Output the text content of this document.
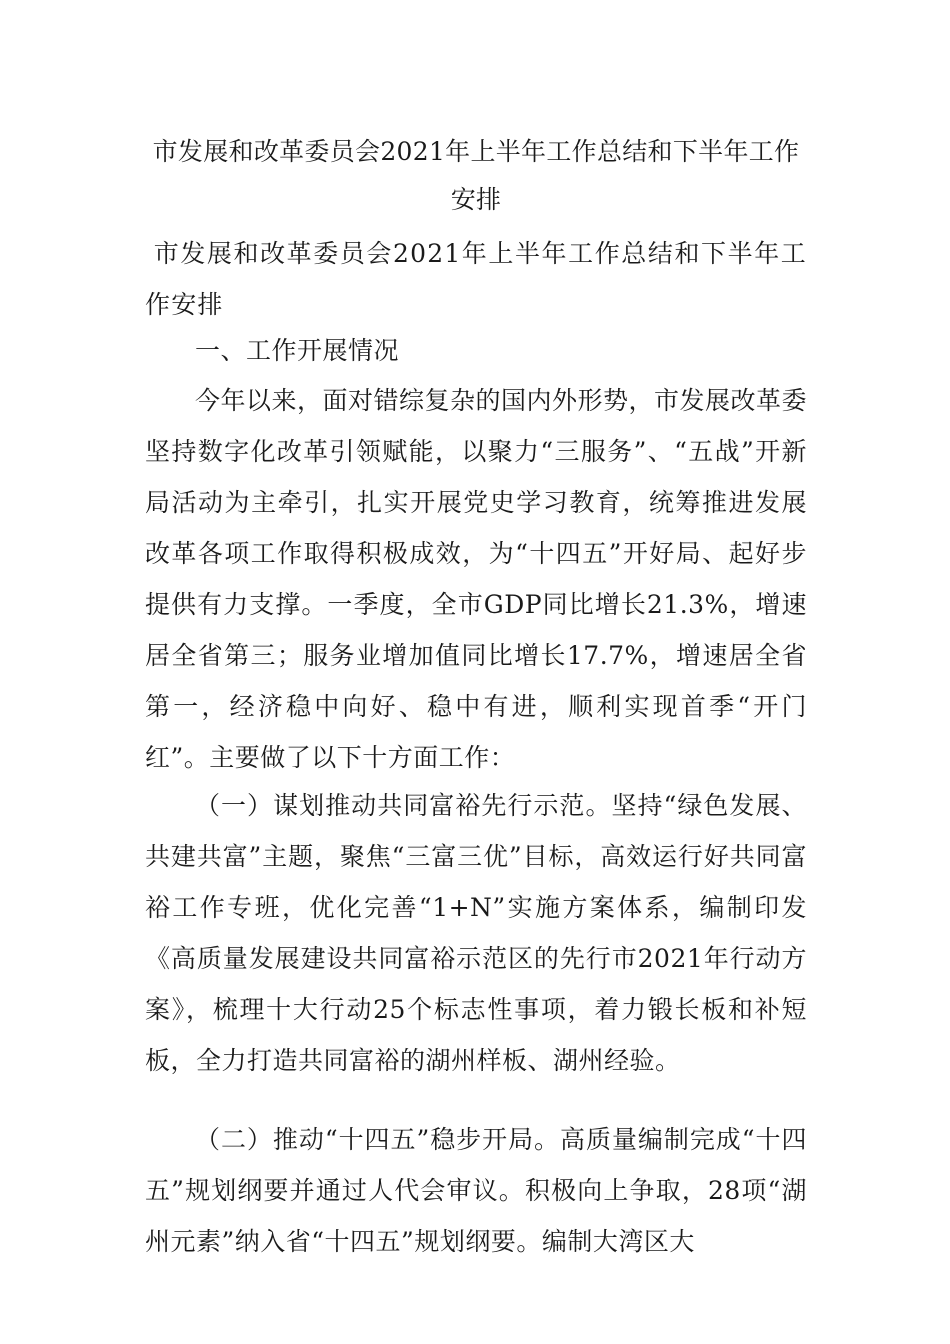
市发展和改革委员会2021年上半年工作总结和下半年工作安排

市发展和改革委员会2021年上半年工作总结和下半年工作安排

一、工作开展情况

今年以来，面对错综复杂的国内外形势，市发展改革委坚持数字化改革引领赋能，以聚力“三服务”、“五战”开新局活动为主牵引，扎实开展党史学习教育，统筹推进发展改革各项工作取得积极成效，为“十四五”开好局、起好步提供有力支撑。一季度，全市GDP同比增长21.3%，增速居全省第三；服务业增加值同比增长17.7%，增速居全省第一，经济稳中向好、稳中有进，顺利实现首季“开门红”。主要做了以下十方面工作：

（一）谋划推动共同富裕先行示范。坚持“绿色发展、共建共富”主题，聚焦“三富三优”目标，高效运行好共同富裕工作专班，优化完善“1+N”实施方案体系，编制印发《高质量发展建设共同富裕示范区的先行市2021年行动方案》，梳理十大行动25个标志性事项，着力锻长板和补短板，全力打造共同富裕的湖州样板、湖州经验。

（二）推动“十四五”稳步开局。高质量编制完成“十四五”规划纲要并通过人代会审议。积极向上争取，28项“湖州元素”纳入省“十四五”规划纲要。编制大湾区大
